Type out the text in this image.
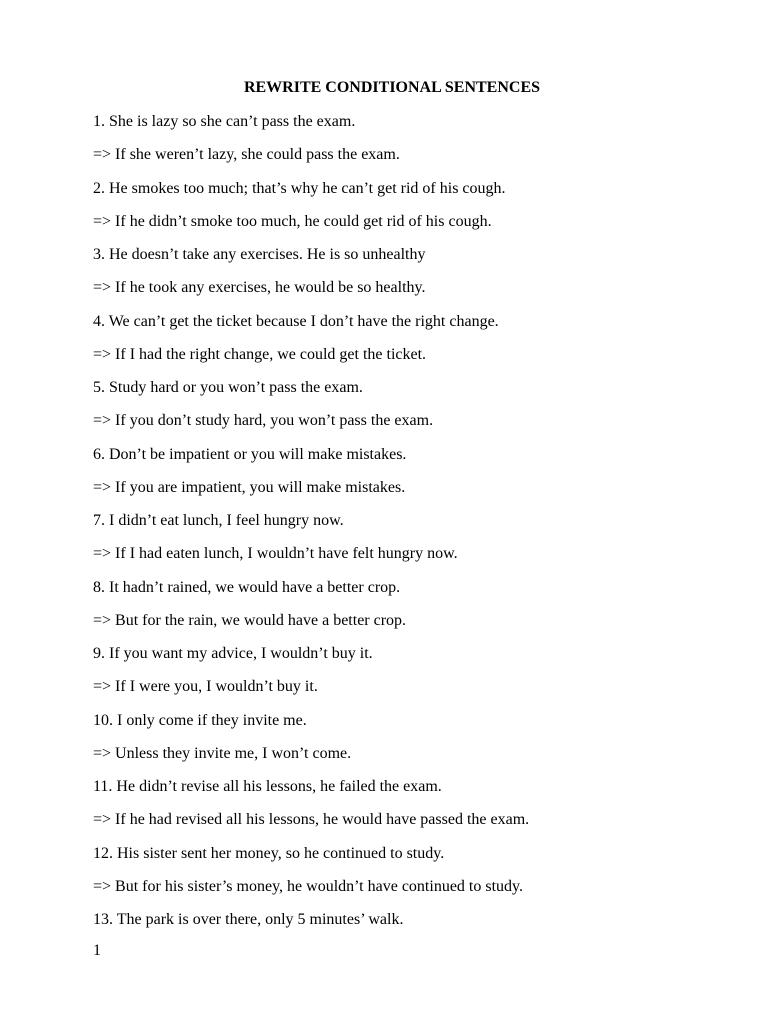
REWRITE CONDITIONAL SENTENCES
1. She is lazy so she can’t pass the exam.
=> If she weren’t lazy, she could pass the exam.
2. He smokes too much; that’s why he can’t get rid of his cough.
=> If he didn’t smoke too much, he could get rid of his cough.
3. He doesn’t take any exercises. He is so unhealthy
=> If he took any exercises, he would be so healthy.
4. We can’t get the ticket because I don’t have the right change.
=> If I had the right change, we could get the ticket.
5. Study hard or you won’t pass the exam.
=> If you don’t study hard, you won’t pass the exam.
6. Don’t be impatient or you will make mistakes.
=> If you are impatient, you will make mistakes.
7. I didn’t eat lunch, I feel hungry now.
=> If I had eaten lunch, I wouldn’t have felt hungry now.
8. It hadn’t rained, we would have a better crop.
=> But for the rain, we would have a better crop.
9. If you want my advice, I wouldn’t buy it.
=> If I were you, I wouldn’t buy it.
10. I only come if they invite me.
=> Unless they invite me, I won’t come.
11. He didn’t revise all his lessons, he failed the exam.
=> If he had revised all his lessons, he would have passed the exam.
12. His sister sent her money, so he continued to study.
=> But for his sister’s money, he wouldn’t have continued to study.
13. The park is over there, only 5 minutes’ walk.
1
